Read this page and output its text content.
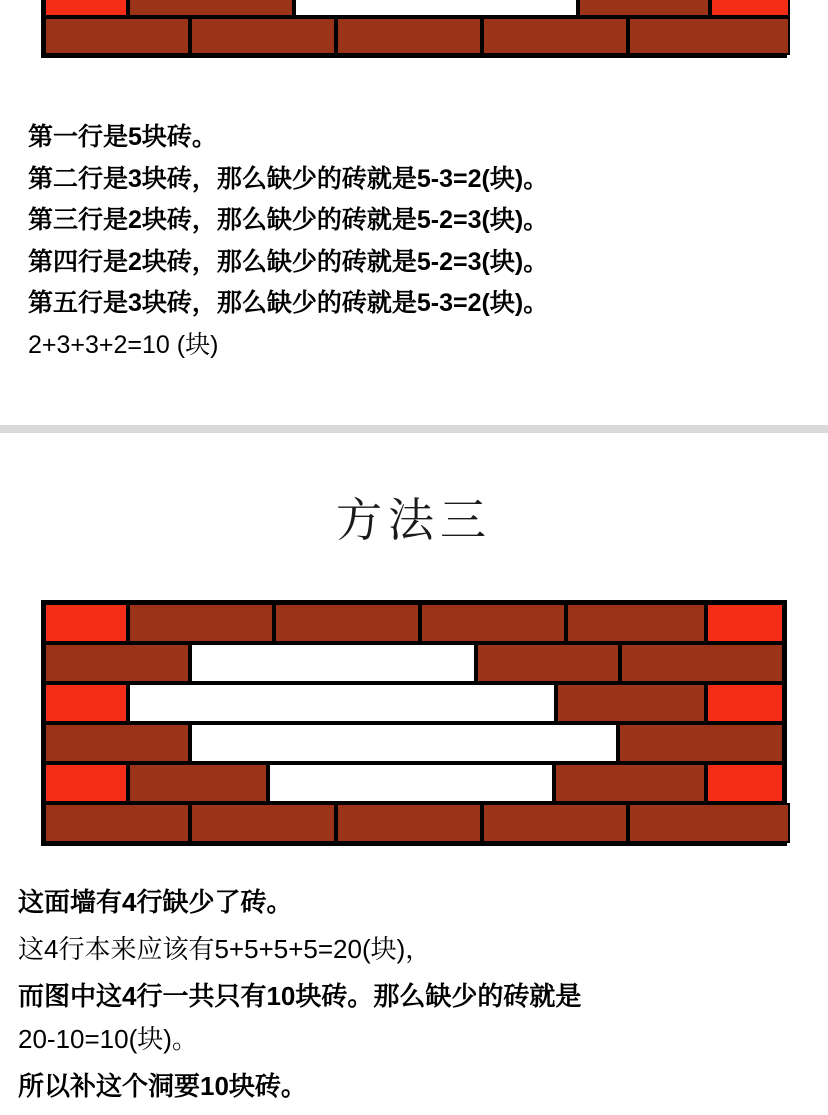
第一行是5块砖。
第二行是3块砖，那么缺少的砖就是5-3=2(块)。
第三行是2块砖，那么缺少的砖就是5-2=3(块)。
第四行是2块砖，那么缺少的砖就是5-2=3(块)。
第五行是3块砖，那么缺少的砖就是5-3=2(块)。
2+3+3+2=10 (块)
方法三
这面墙有4行缺少了砖。
这4行本来应该有5+5+5+5=20(块)，
而图中这4行一共只有10块砖。那么缺少的砖就是
20-10=10(块)。
所以补这个洞要10块砖。
